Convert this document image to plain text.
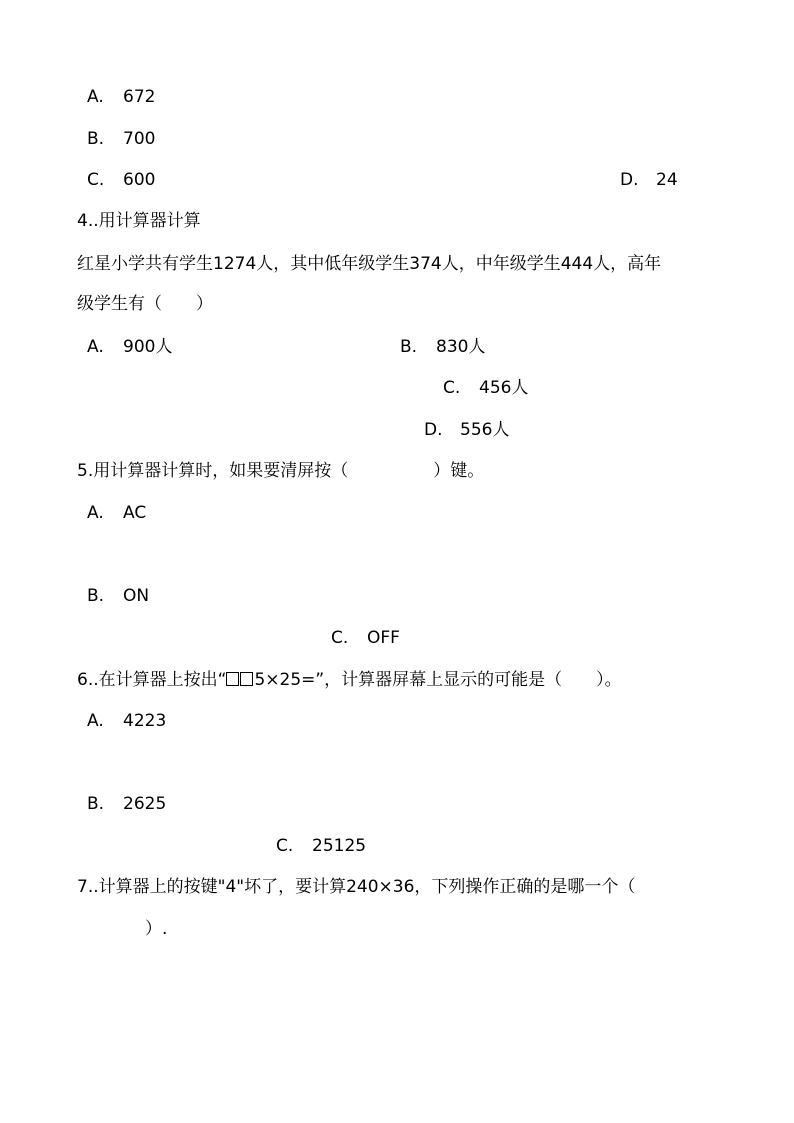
A. 672
B. 700
C. 600	D. 24
4..用计算器计算
红星小学共有学生1274人，其中低年级学生374人，中年级学生444人，高年
级学生有（　　）
A. 900人	B. 830人
C. 456人
D. 556人
5.用计算器计算时，如果要清屏按（　　　　　）键。
A. AC
B. ON
C. OFF
6..在计算器上按出“ 5×25=”，计算器屏幕上显示的可能是（　　）。
A. 4223
B. 2625
C. 25125
7..计算器上的按键"4"坏了，要计算240×36，下列操作正确的是哪一个（
　　　　）.
